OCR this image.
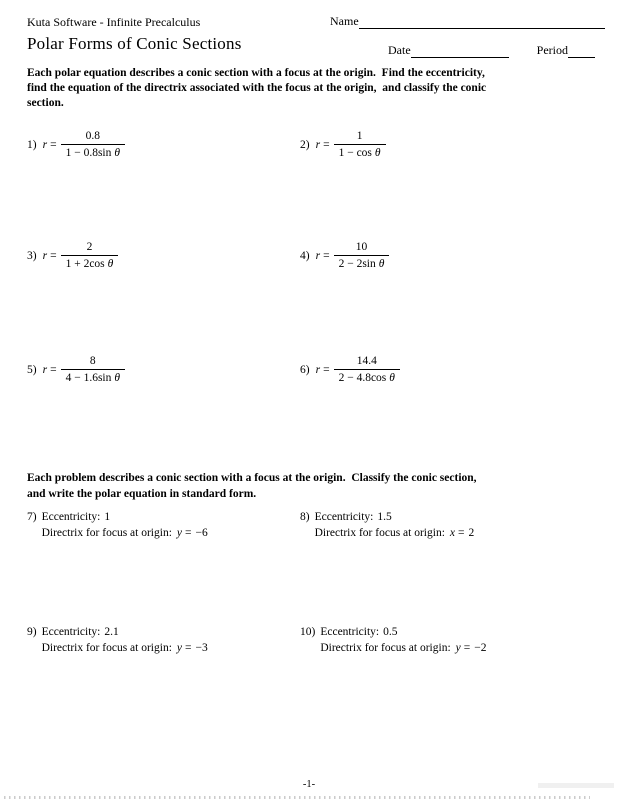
Kuta Software - Infinite Precalculus	Name
Polar Forms of Conic Sections	Date	Period
Each polar equation describes a conic section with a focus at the origin.  Find the eccentricity,
find the equation of the directrix associated with the focus at the origin,  and classify the conic
section.
1) $r = \frac{0.8}{\text{1 − 0.8sin θ}}$	2) $r = \frac{1}{\text{1 − cos θ}}$
3) $r = \frac{2}{\text{1 + 2cos θ}}$	4) $r = \frac{10}{\text{2 − 2sin θ}}$
5) $r = \frac{8}{\text{4 − 1.6sin θ}}$	6) $r = \frac{14.4}{\text{2 − 4.8cos θ}}$
Each problem describes a conic section with a focus at the origin.  Classify the conic section,
and write the polar equation in standard form.
7) Eccentricity: 1
Directrix for focus at origin: y = −6
8) Eccentricity: 1.5
Directrix for focus at origin: x = 2
9) Eccentricity: 2.1
Directrix for focus at origin: y = −3
10) Eccentricity: 0.5
Directrix for focus at origin: y = −2
-1-
